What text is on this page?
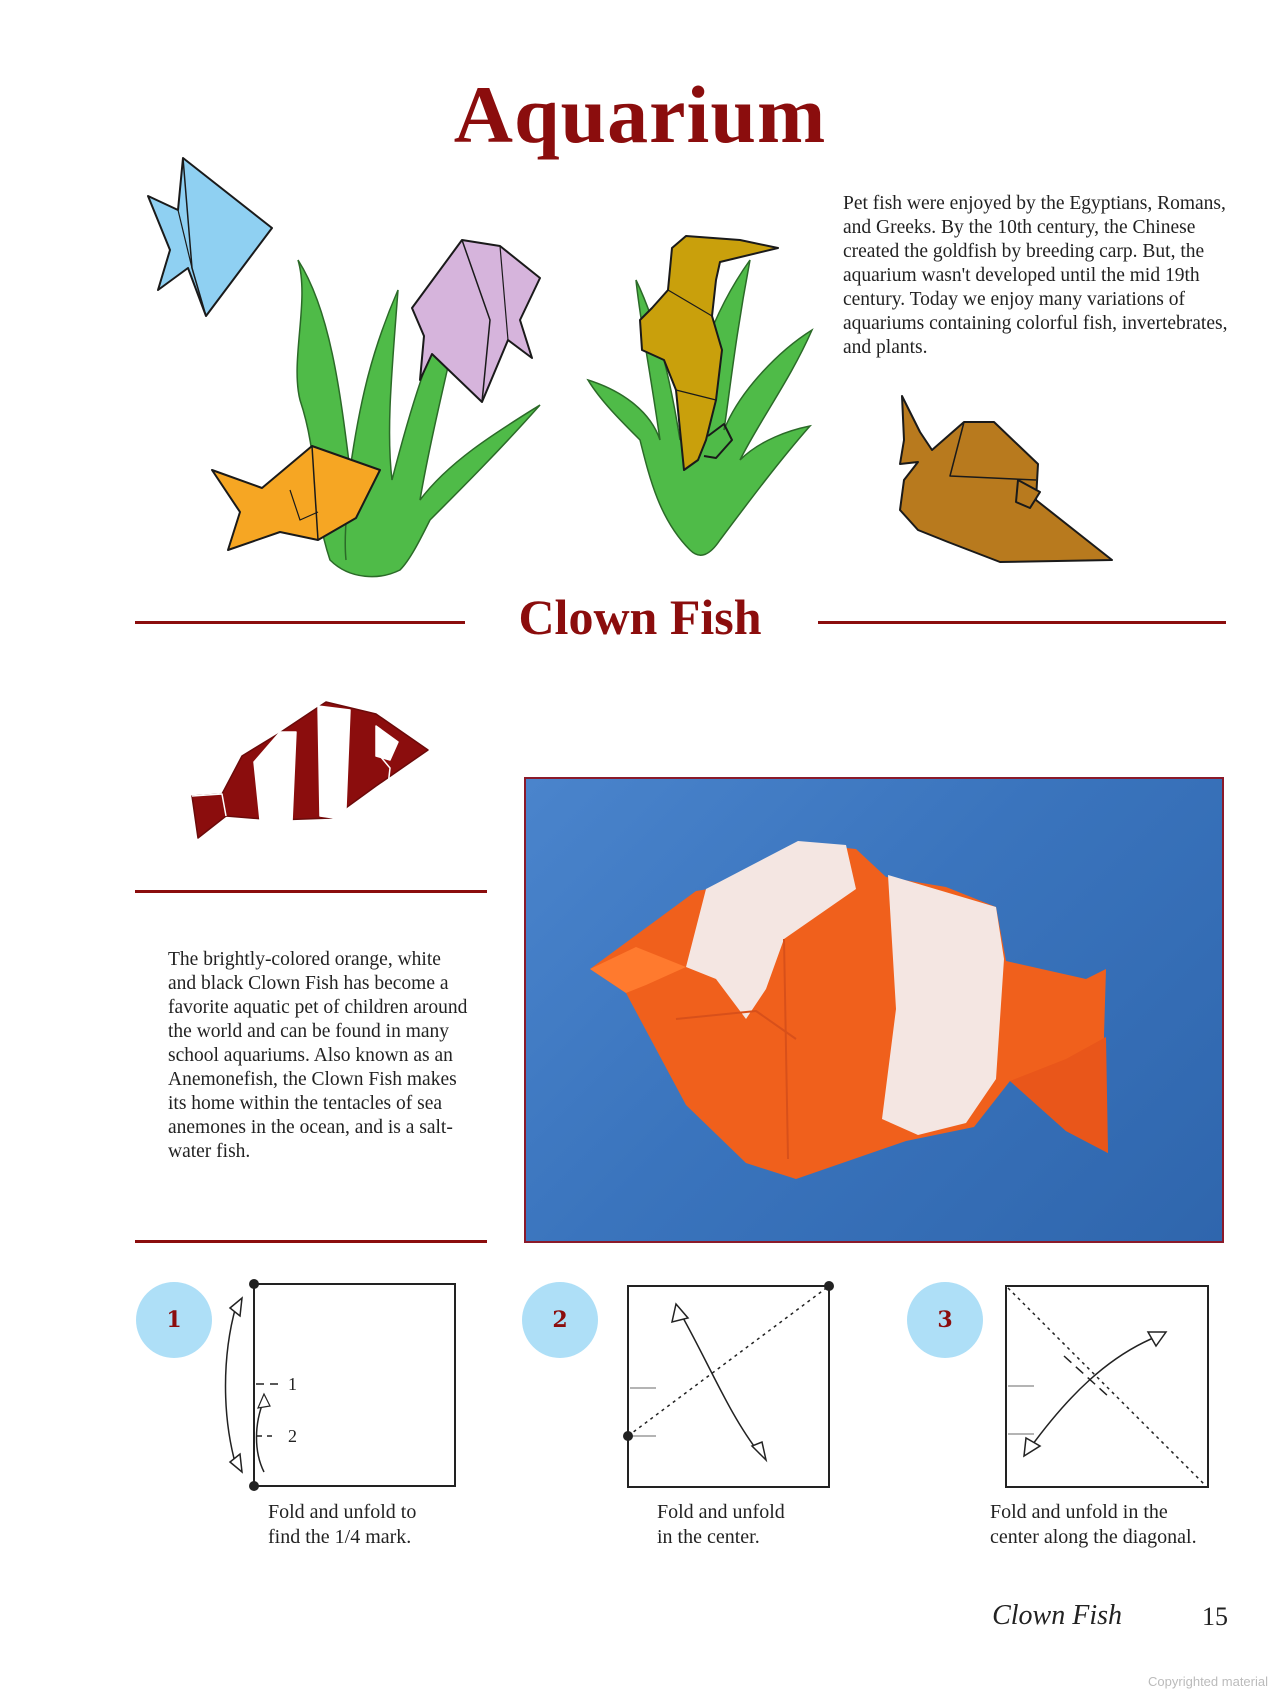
Aquarium
Pet fish were enjoyed by the Egyptians, Romans, and Greeks. By the 10th century, the Chinese created the goldfish by breeding carp. But, the aquarium wasn't developed until the mid 19th century. Today we enjoy many variations of aquariums containing colorful fish, invertebrates, and plants.
Clown Fish
The brightly-colored orange, white and black Clown Fish has become a favorite aquatic pet of children around the world and can be found in many school aquariums. Also known as an Anemonefish, the Clown Fish makes its home within the tentacles of sea anemones in the ocean, and is a salt-water fish.
1
1
2
Fold and unfold to
find the 1/4 mark.
2
Fold and unfold
in the center.
3
Fold and unfold in the
center along the diagonal.
Clown Fish	15
Copyrighted material
